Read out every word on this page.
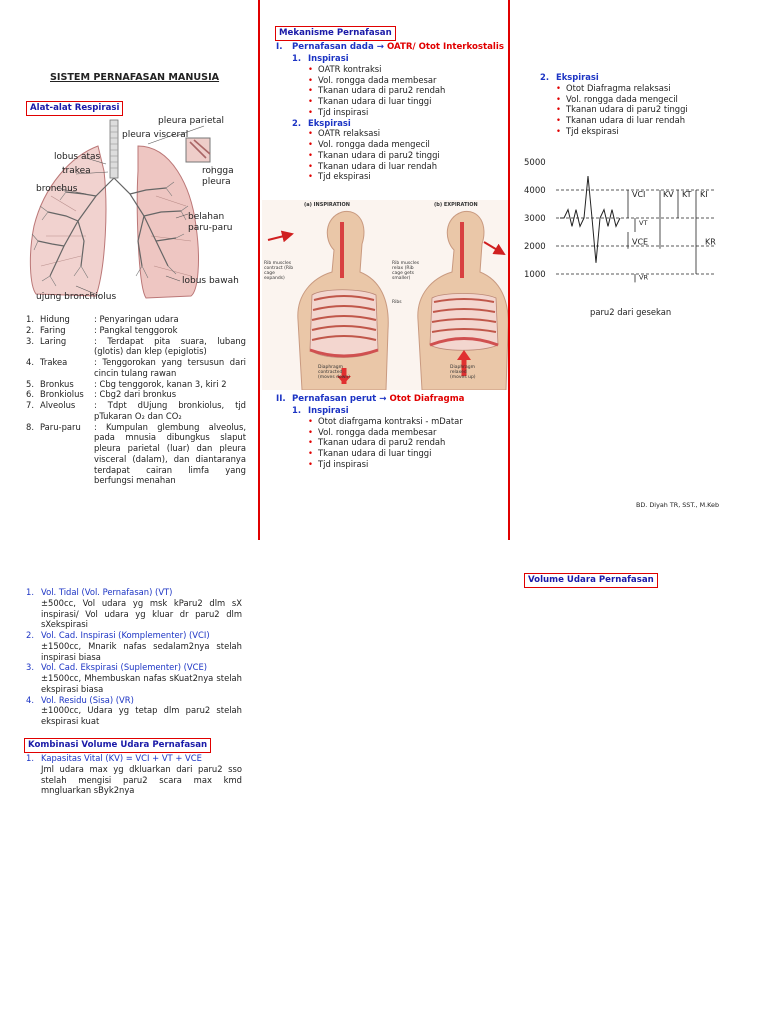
SISTEM PERNAFASAN MANUSIA
Alat-alat Respirasi
pleura parietal
pleura visceral
lobus atas
trakea
bronchus
rongga pleura
belahan paru-paru
lobus bawah
ujung bronchiolus
1. Hidung	: Penyaringan udara
2. Faring	: Pangkal tenggorok
3. Laring	: Terdapat pita suara, lubang (glotis) dan klep (epiglotis)
4. Trakea	: Tenggorokan yang tersusun dari cincin tulang rawan
5. Bronkus	: Cbg tenggorok, kanan 3, kiri 2
6. Bronkiolus	: Cbg2 dari bronkus
7. Alveolus	: Tdpt dUjung bronkiolus, tjd pTukaran O₂ dan CO₂
8. Paru-paru	: Kumpulan glembung alveolus, pada mnusia dibungkus slaput pleura parietal (luar) dan pleura visceral (dalam), dan diantaranya terdapat cairan limfa yang berfungsi menahan
Mekanisme Pernafasan
I. Pernafasan dada → OATR/ Otot Interkostalis
1. Inspirasi
• OATR kontraksi
• Vol. rongga dada membesar
• Tkanan udara di paru2 rendah
• Tkanan udara di luar tinggi
• Tjd inspirasi
2. Ekspirasi
• OATR relaksasi
• Vol. rongga dada mengecil
• Tkanan udara di paru2 tinggi
• Tkanan udara di luar rendah
• Tjd ekspirasi
(a) INSPIRATION	(b) EXPIRATION
Rib muscles contract (Rib cage expands)
Rib muscles relax (Rib cage gets smaller)
Ribs
Diaphragm contracted (moves down)
Diaphragm relaxed (moves up)
II. Pernafasan perut → Otot Diafragma
1. Inspirasi
• Otot diafrgama kontraksi - mDatar
• Vol. rongga dada membesar
• Tkanan udara di paru2 rendah
• Tkanan udara di luar tinggi
• Tjd inspirasi
2. Ekspirasi
• Otot Diafragma relaksasi
• Vol. rongga dada mengecil
• Tkanan udara di paru2 tinggi
• Tkanan udara di luar rendah
• Tjd ekspirasi
5000
4000
3000
2000
1000
VCI KV KT KI
VT
VCE	KR
VR
paru2 dari gesekan
BD. Diyah TR, SST., M.Keb
Volume Udara Pernafasan
1. Vol. Tidal (Vol. Pernafasan) (VT)
±500cc, Vol udara yg msk kParu2 dlm sX inspirasi/ Vol udara yg kluar dr paru2 dlm sXekspirasi
2. Vol. Cad. Inspirasi (Komplementer) (VCI)
±1500cc, Mnarik nafas sedalam2nya stelah inspirasi biasa
3. Vol. Cad. Ekspirasi (Suplementer) (VCE)
±1500cc, Mhembuskan nafas sKuat2nya stelah ekspirasi biasa
4. Vol. Residu (Sisa) (VR)
±1000cc, Udara yg tetap dlm paru2 stelah ekspirasi kuat
Kombinasi Volume Udara Pernafasan
1. Kapasitas Vital (KV) = VCI + VT + VCE
Jml udara max yg dkluarkan dari paru2 sso stelah mengisi paru2 scara max kmd mngluarkan sByk2nya
